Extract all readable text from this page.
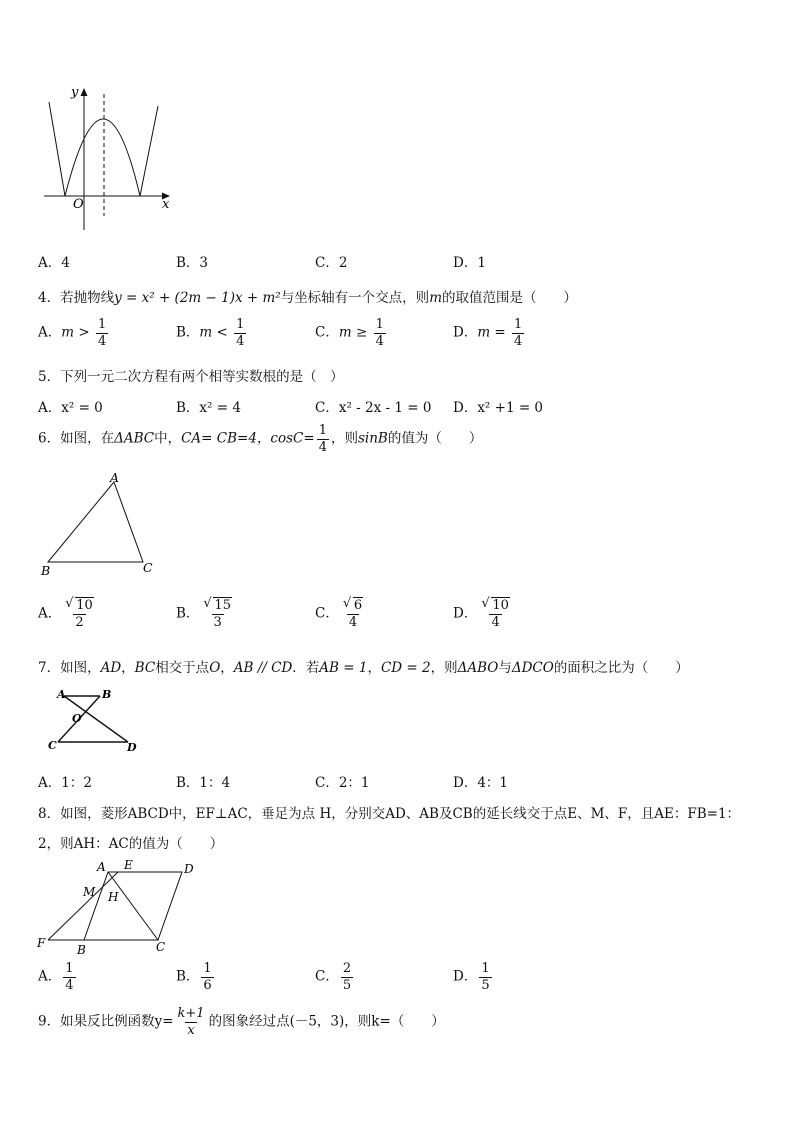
y
x
O
A．4	B．3	C．2	D．1
4．若抛物线y = x² + (2m − 1)x + m²与坐标轴有一个交点，则m的取值范围是（　　）
A．$m > \frac{1}{4}$	B．$m < \frac{1}{4}$	C．$m \ge \frac{1}{4}$	D．$m = \frac{1}{4}$
5．下列一元二次方程有两个相等实数根的是（　）
A．x² = 0	B．x² = 4	C．x² - 2x - 1 = 0 D．x² +1 = 0
6．如图，在ΔABC中，CA= CB=4，$\cos C= \frac{1}{4}$ ，则sinB的值为（　　）
A
B	C
A． $\frac{√ 10}{2}$	B． $\frac{√ 15}{3}$	C． $\frac{√ 6}{4}$	D． $\frac{√ 10}{4}$
7．如图，AD，BC相交于点O，AB // CD．若AB = 1，CD = 2，则ΔABO与ΔDCO的面积之比为（　　）
A	B
O
C	D
A．1：2	B．1：4	C．2：1	D．4：1
8．如图，菱形ABCD中，EF⊥AC，垂足为点 H，分别交AD、AB及CB的延长线交于点E、M、F，且AE：FB=1：
2，则AH：AC的值为（　　）
A E	D
M H
F	B	C
A． $\frac{1}{4}$	B． $\frac{1}{6}$	C． $\frac{2}{5}$	D． $\frac{1}{5}$
9．如果反比例函数$y= \frac{k+1}{x}$ 的图象经过点(－5，3)，则k=（　　）
